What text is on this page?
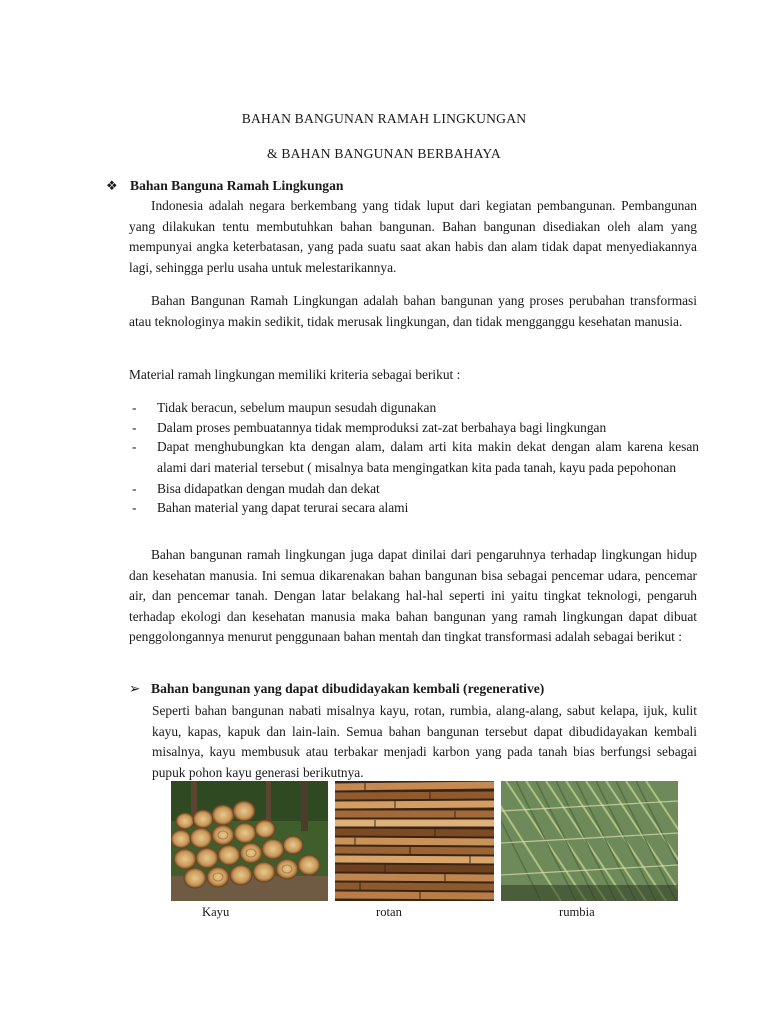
BAHAN BANGUNAN RAMAH LINGKUNGAN
& BAHAN BANGUNAN BERBAHAYA
❖ Bahan Banguna Ramah Lingkungan

Indonesia adalah negara berkembang yang tidak luput dari kegiatan pembangunan. Pembangunan yang dilakukan tentu membutuhkan bahan bangunan. Bahan bangunan disediakan oleh alam yang mempunyai angka keterbatasan, yang pada suatu saat akan habis dan alam tidak dapat menyediakannya lagi, sehingga perlu usaha untuk melestarikannya.

Bahan Bangunan Ramah Lingkungan adalah bahan bangunan yang proses perubahan transformasi atau teknologinya makin sedikit, tidak merusak lingkungan, dan tidak mengganggu kesehatan manusia.

Material ramah lingkungan memiliki kriteria sebagai berikut :

- Tidak beracun, sebelum maupun sesudah digunakan
- Dalam proses pembuatannya tidak memproduksi zat-zat berbahaya bagi lingkungan
- Dapat menghubungkan kta dengan alam, dalam arti kita makin dekat dengan alam karena kesan alami dari material tersebut ( misalnya bata mengingatkan kita pada tanah, kayu pada pepohonan
- Bisa didapatkan dengan mudah dan dekat
- Bahan material yang dapat terurai secara alami

Bahan bangunan ramah lingkungan juga dapat dinilai dari pengaruhnya terhadap lingkungan hidup dan kesehatan manusia. Ini semua dikarenakan bahan bangunan bisa sebagai pencemar udara, pencemar air, dan pencemar tanah. Dengan latar belakang hal-hal seperti ini yaitu tingkat teknologi, pengaruh terhadap ekologi dan kesehatan manusia maka bahan bangunan yang ramah lingkungan dapat dibuat penggolongannya menurut penggunaan bahan mentah dan tingkat transformasi adalah sebagai berikut :

➢ Bahan bangunan yang dapat dibudidayakan kembali (regenerative)

Seperti bahan bangunan nabati misalnya kayu, rotan, rumbia, alang-alang, sabut kelapa, ijuk, kulit kayu, kapas, kapuk dan lain-lain. Semua bahan bangunan tersebut dapat dibudidayakan kembali misalnya, kayu membusuk atau terbakar menjadi karbon yang pada tanah bias berfungsi sebagai pupuk pohon kayu generasi berikutnya.

Kayu	rotan	rumbia
